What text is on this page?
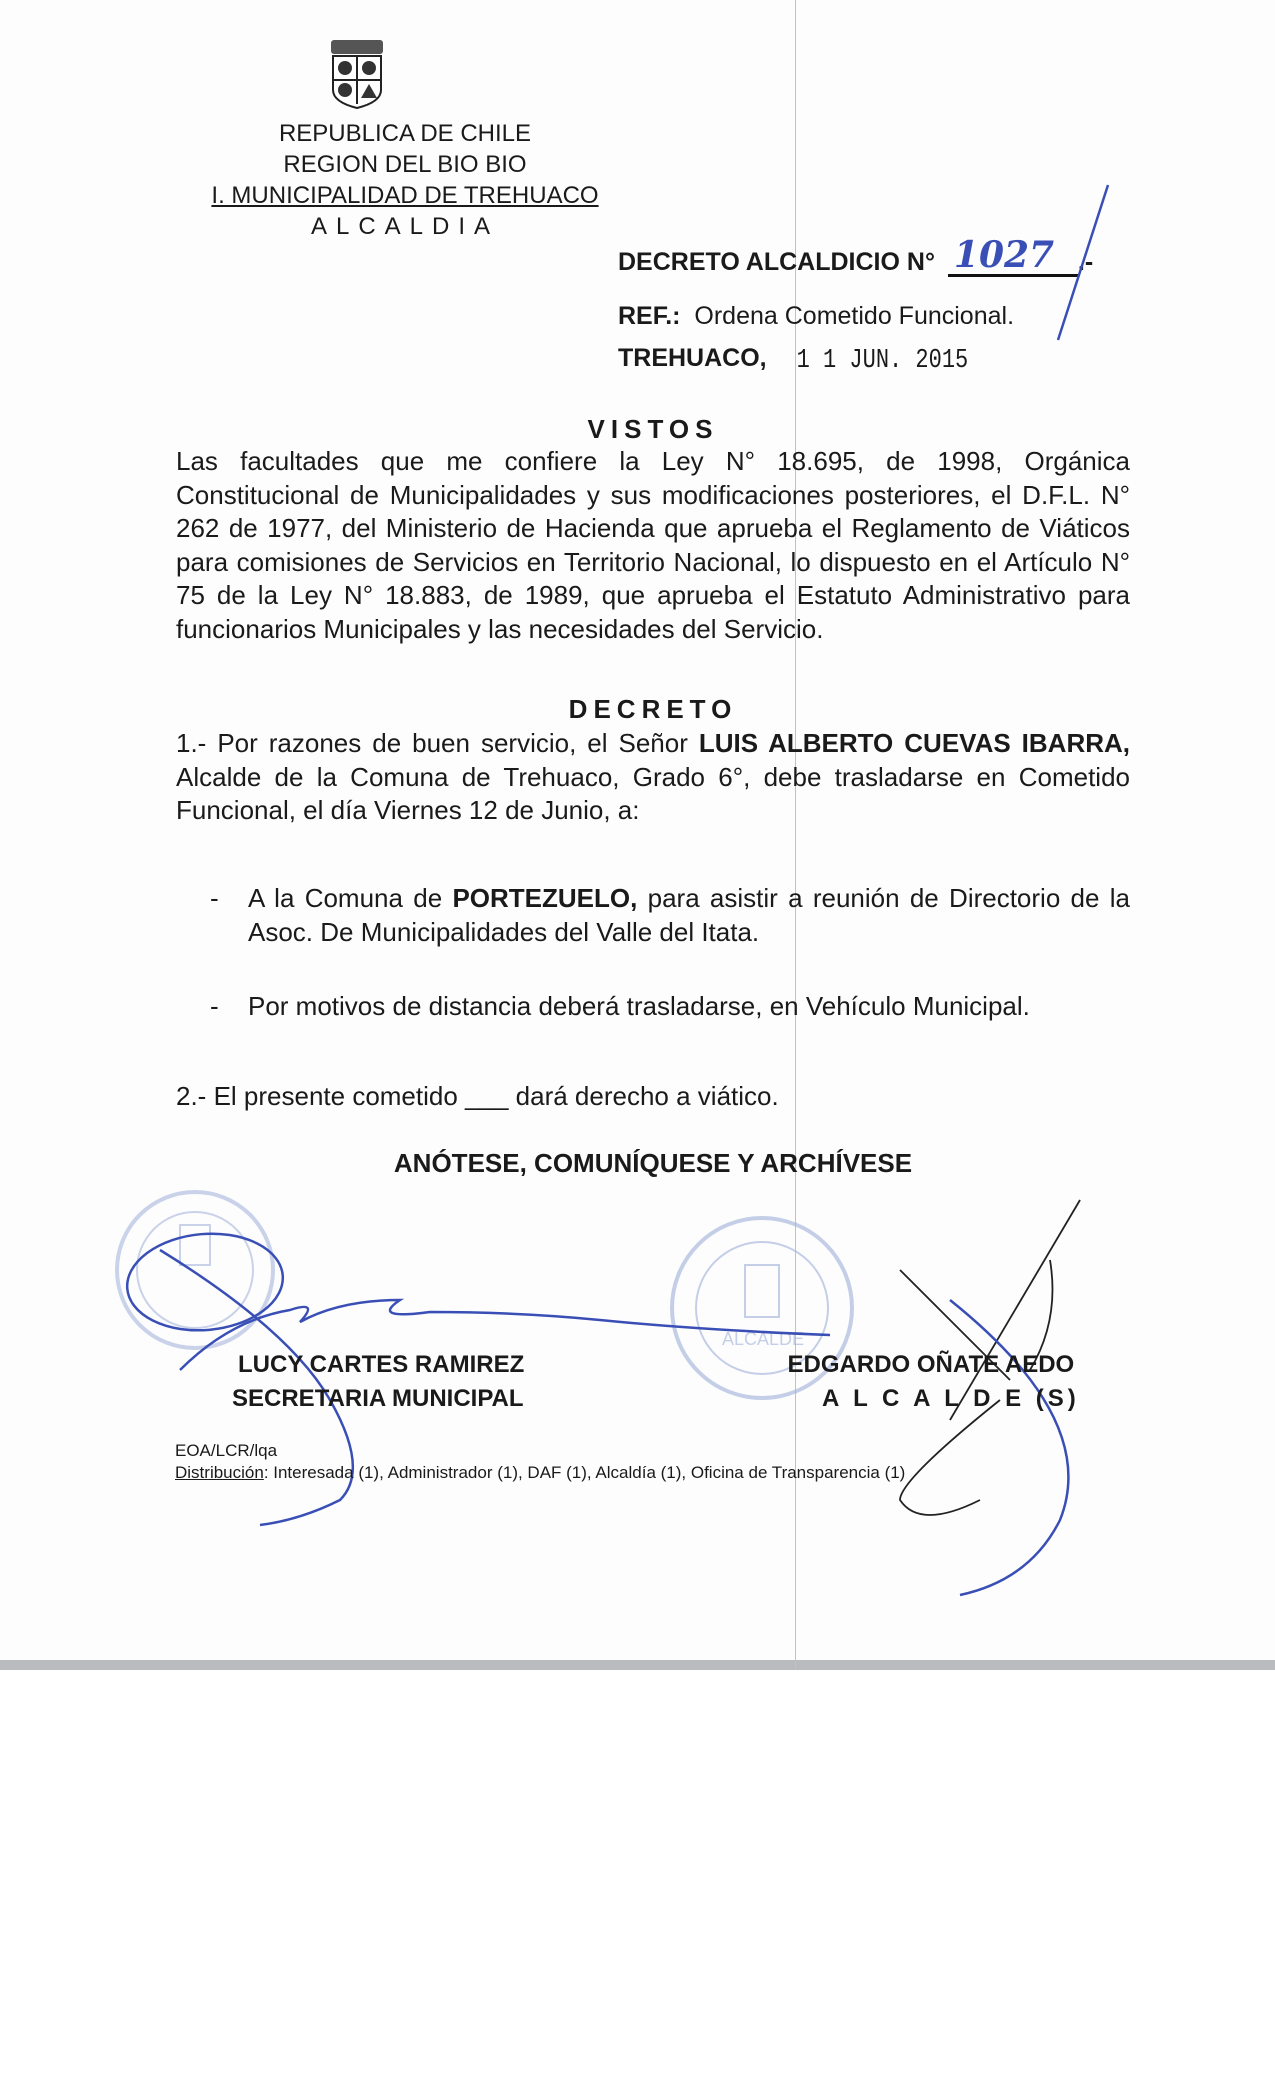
REPUBLICA DE CHILE
REGION DEL BIO BIO
I. MUNICIPALIDAD DE TREHUACO
ALCALDIA
DECRETO ALCALDICIO N° 1027 .-
REF.: Ordena Cometido Funcional.
TREHUACO, 1 1 JUN. 2015
VISTOS
Las facultades que me confiere la Ley N° 18.695, de 1998, Orgánica Constitucional de Municipalidades y sus modificaciones posteriores, el D.F.L. N° 262 de 1977, del Ministerio de Hacienda que aprueba el Reglamento de Viáticos para comisiones de Servicios en Territorio Nacional, lo dispuesto en el Artículo N° 75 de la Ley N° 18.883, de 1989, que aprueba el Estatuto Administrativo para funcionarios Municipales y las necesidades del Servicio.
DECRETO
1.- Por razones de buen servicio, el Señor LUIS ALBERTO CUEVAS IBARRA, Alcalde de la Comuna de Trehuaco, Grado 6°, debe trasladarse en Cometido Funcional, el día Viernes 12 de Junio, a:
- A la Comuna de PORTEZUELO, para asistir a reunión de Directorio de la Asoc. De Municipalidades del Valle del Itata.
- Por motivos de distancia deberá trasladarse, en Vehículo Municipal.
2.- El presente cometido ___ dará derecho a viático.
ANÓTESE, COMUNÍQUESE Y ARCHÍVESE
ALCALDE
LUCY CARTES RAMIREZ
SECRETARIA MUNICIPAL
EDGARDO OÑATE AEDO
A L C A L D E (S)
EOA/LCR/lqa
Distribución: Interesada (1), Administrador (1), DAF (1), Alcaldía (1), Oficina de Transparencia (1)
